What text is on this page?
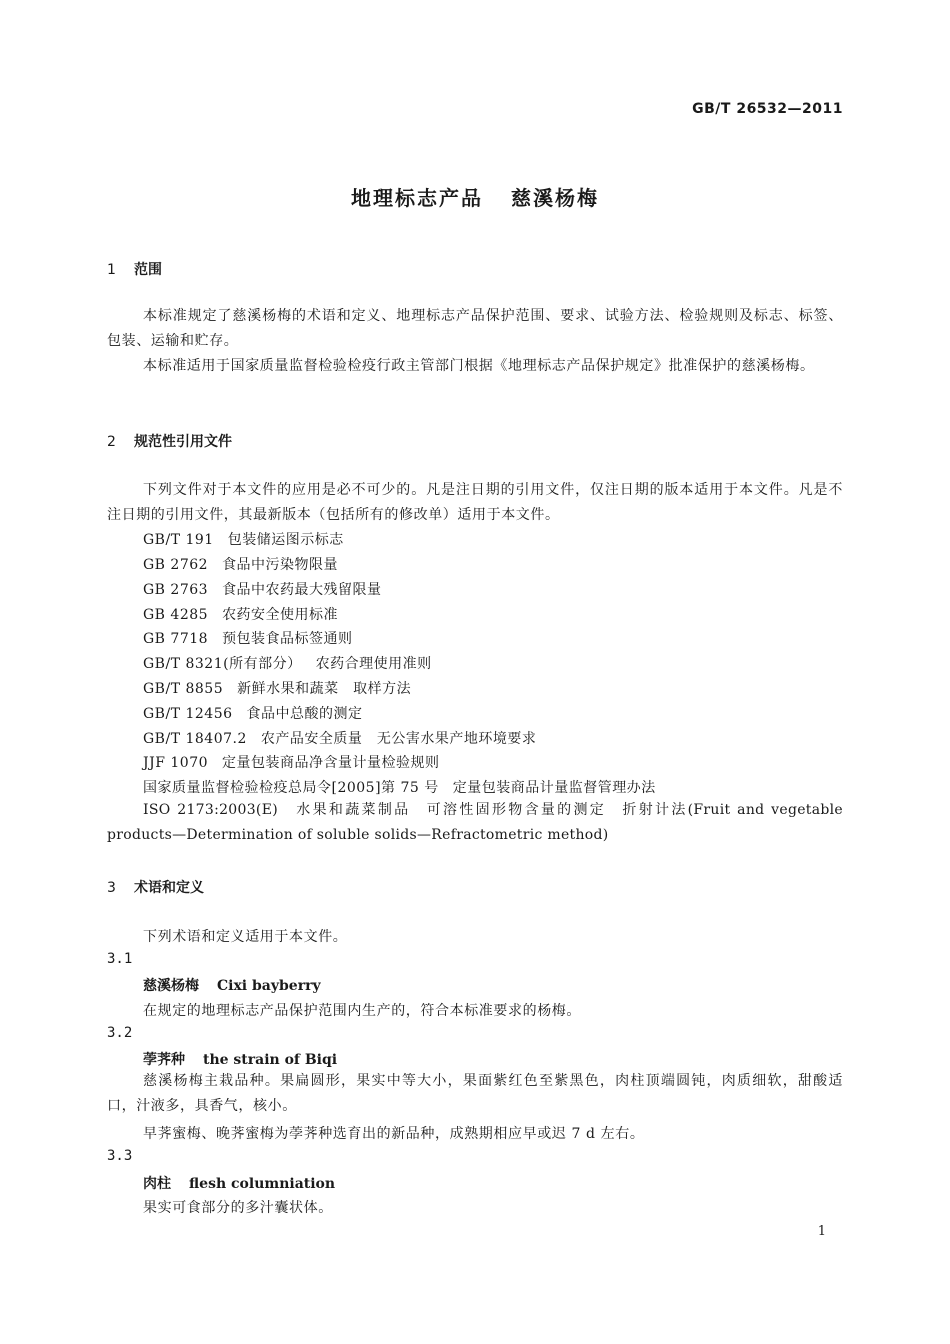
GB/T 26532—2011
地理标志产品 慈溪杨梅
1 范围
本标准规定了慈溪杨梅的术语和定义、地理标志产品保护范围、要求、试验方法、检验规则及标志、标签、包装、运输和贮存。
本标准适用于国家质量监督检验检疫行政主管部门根据《地理标志产品保护规定》批准保护的慈溪杨梅。
2 规范性引用文件
下列文件对于本文件的应用是必不可少的。凡是注日期的引用文件，仅注日期的版本适用于本文件。凡是不注日期的引用文件，其最新版本（包括所有的修改单）适用于本文件。
GB/T 191 包装储运图示标志
GB 2762 食品中污染物限量
GB 2763 食品中农药最大残留限量
GB 4285 农药安全使用标准
GB 7718 预包装食品标签通则
GB/T 8321(所有部分） 农药合理使用准则
GB/T 8855 新鲜水果和蔬菜　取样方法
GB/T 12456 食品中总酸的测定
GB/T 18407.2 农产品安全质量　无公害水果产地环境要求
JJF 1070 定量包装商品净含量计量检验规则
国家质量监督检验检疫总局令[2005]第 75 号 定量包装商品计量监督管理办法
ISO 2173:2003(E)　水果和蔬菜制品　可溶性固形物含量的测定　折射计法(Fruit and vegetable products—Determination of soluble solids—Refractometric method)
3 术语和定义
下列术语和定义适用于本文件。
3.1
慈溪杨梅 Cixi bayberry
在规定的地理标志产品保护范围内生产的，符合本标准要求的杨梅。
3.2
荸荠种 the strain of Biqi
慈溪杨梅主栽品种。果扁圆形，果实中等大小，果面紫红色至紫黑色，肉柱顶端圆钝，肉质细软，甜酸适口，汁液多，具香气，核小。
早荠蜜梅、晚荠蜜梅为荸荠种选育出的新品种，成熟期相应早或迟 7 d 左右。
3.3
肉柱 flesh columniation
果实可食部分的多汁囊状体。
1
